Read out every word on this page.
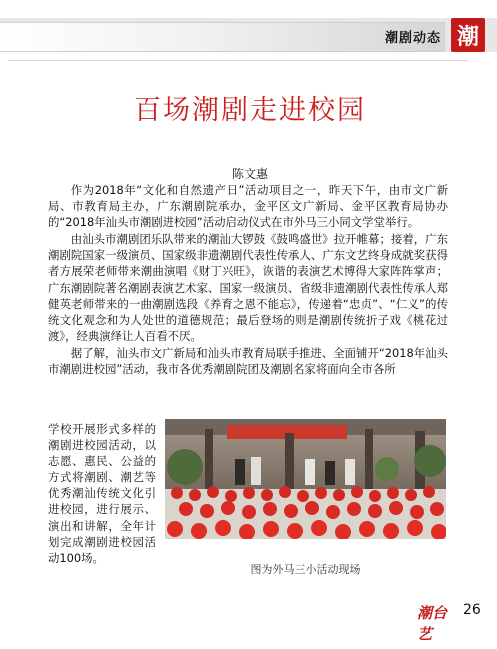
潮剧动态 潮
百场潮剧走进校园
陈文惠

作为2018年“文化和自然遗产日”活动项目之一，昨天下午，由市文广新局、市教育局主办，广东潮剧院承办，金平区文广新局、金平区教育局协办的“2018年汕头市潮剧进校园”活动启动仪式在市外马三小同文学堂举行。

由汕头市潮剧团乐队带来的潮汕大锣鼓《鼓鸣盛世》拉开帷幕；接着，广东潮剧院国家一级演员、国家级非遗潮剧代表性传承人、广东文艺终身成就奖获得者方展荣老师带来潮曲演唱《财丁兴旺》，诙谐的表演艺术博得大家阵阵掌声；广东潮剧院著名潮剧表演艺术家、国家一级演员、省级非遗潮剧代表性传承人郑健英老师带来的一曲潮剧选段《养育之恩不能忘》，传递着“忠贞”、“仁义”的传统文化观念和为人处世的道德规范；最后登场的则是潮剧传统折子戏《桃花过渡》，经典演绎让人百看不厌。

据了解，汕头市文广新局和汕头市教育局联手推进、全面铺开“2018年汕头市潮剧进校园”活动，我市各优秀潮剧院团及潮剧名家将面向全市各所

学校开展形式多样的潮剧进校园活动，以志愿、惠民、公益的方式将潮剧、潮艺等优秀潮汕传统文化引进校园，进行展示、演出和讲解，全年计划完成潮剧进校园活动100场。
图为外马三小活动现场
潮台艺
26
